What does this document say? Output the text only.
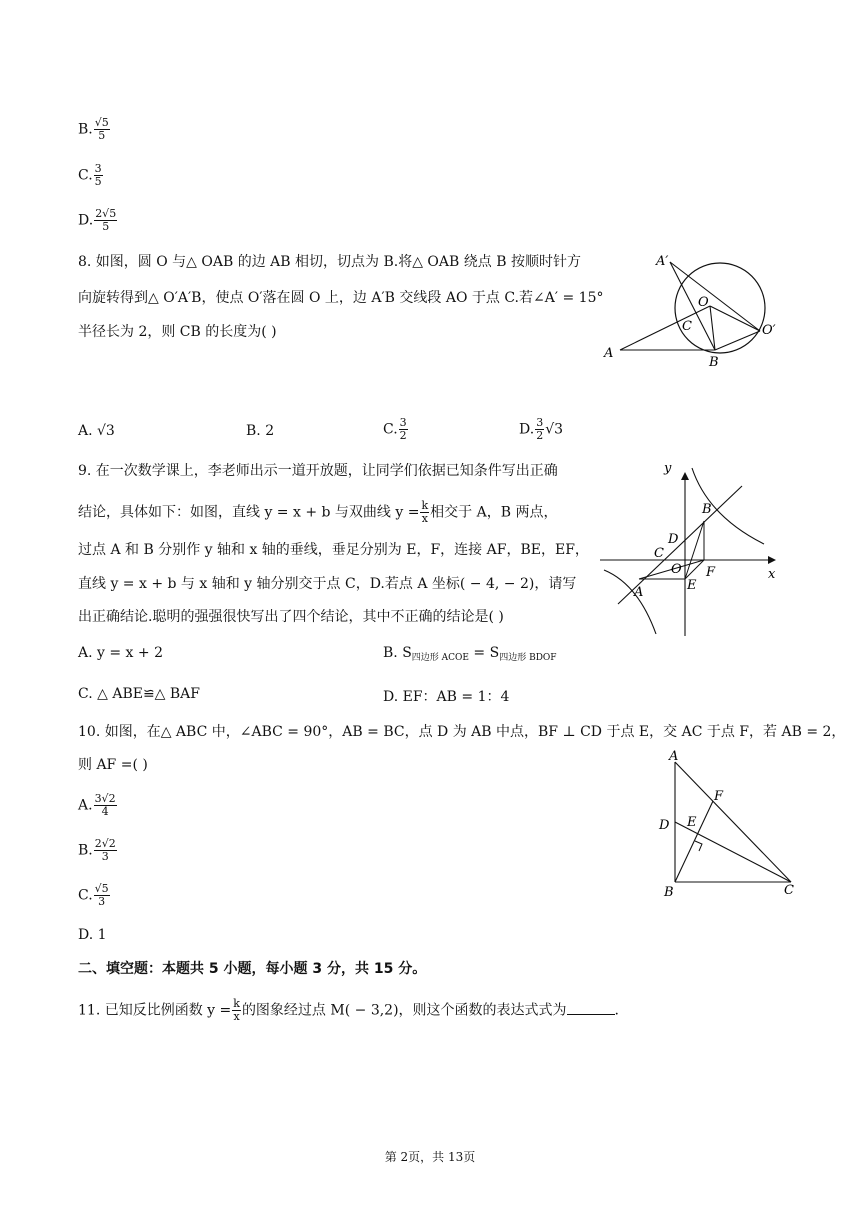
B. $\frac{√5}{5}$
C. $\frac{3}{5}$
D. $\frac{2√5}{5}$
8. 如图，圆 O 与△ OAB 的边 AB 相切，切点为 B.将△ OAB 绕点 B 按顺时针方
向旋转得到△ O′A′B，使点 O′落在圆 O 上，边 A′B 交线段 AO 于点 C.若∠A′ = 15°
半径长为 2，则 CB 的长度为( )
A′
O
C	O′
A
B
A. √3	B. 2	C. $\frac{3}{2}$	D. $\frac{3}{2} √3$
9. 在一次数学课上，李老师出示一道开放题，让同学们依据已知条件写出正确
结论，具体如下：如图，直线 y = x + b 与双曲线 $y = \frac{k}{x}$ 相交于 A，B 两点，
过点 A 和 B 分别作 y 轴和 x 轴的垂线，垂足分别为 E，F，连接 AF，BE，EF，
直线 y = x + b 与 x 轴和 y 轴分别交于点 C，D.若点 A 坐标( − 4, − 2)，请写
出正确结论.聪明的强强很快写出了四个结论，其中不正确的结论是( )
y
x
B
D
C
O F
E
A
A. y = x + 2	B. $S_{四边形 ACOE} = S_{四边形 BDOF}$
C. △ ABE≌△ BAF	D. EF：AB = 1：4
10. 如图，在△ ABC 中，∠ABC = 90°，AB = BC，点 D 为 AB 中点，BF ⊥ CD 于点 E，交 AC 于点 F，若 AB = 2，
则 AF =( )
A. $\frac{3√2}{4}$
B. $\frac{2√2}{3}$
C. $\frac{√5}{3}$
D. 1
A
F
D E
B	C
二、填空题：本题共 5 小题，每小题 3 分，共 15 分。
11. 已知反比例函数 $y = \frac{k}{x}$ 的图象经过点 M( − 3,2)，则这个函数的表达式式为	.
第 2页，共 13页
